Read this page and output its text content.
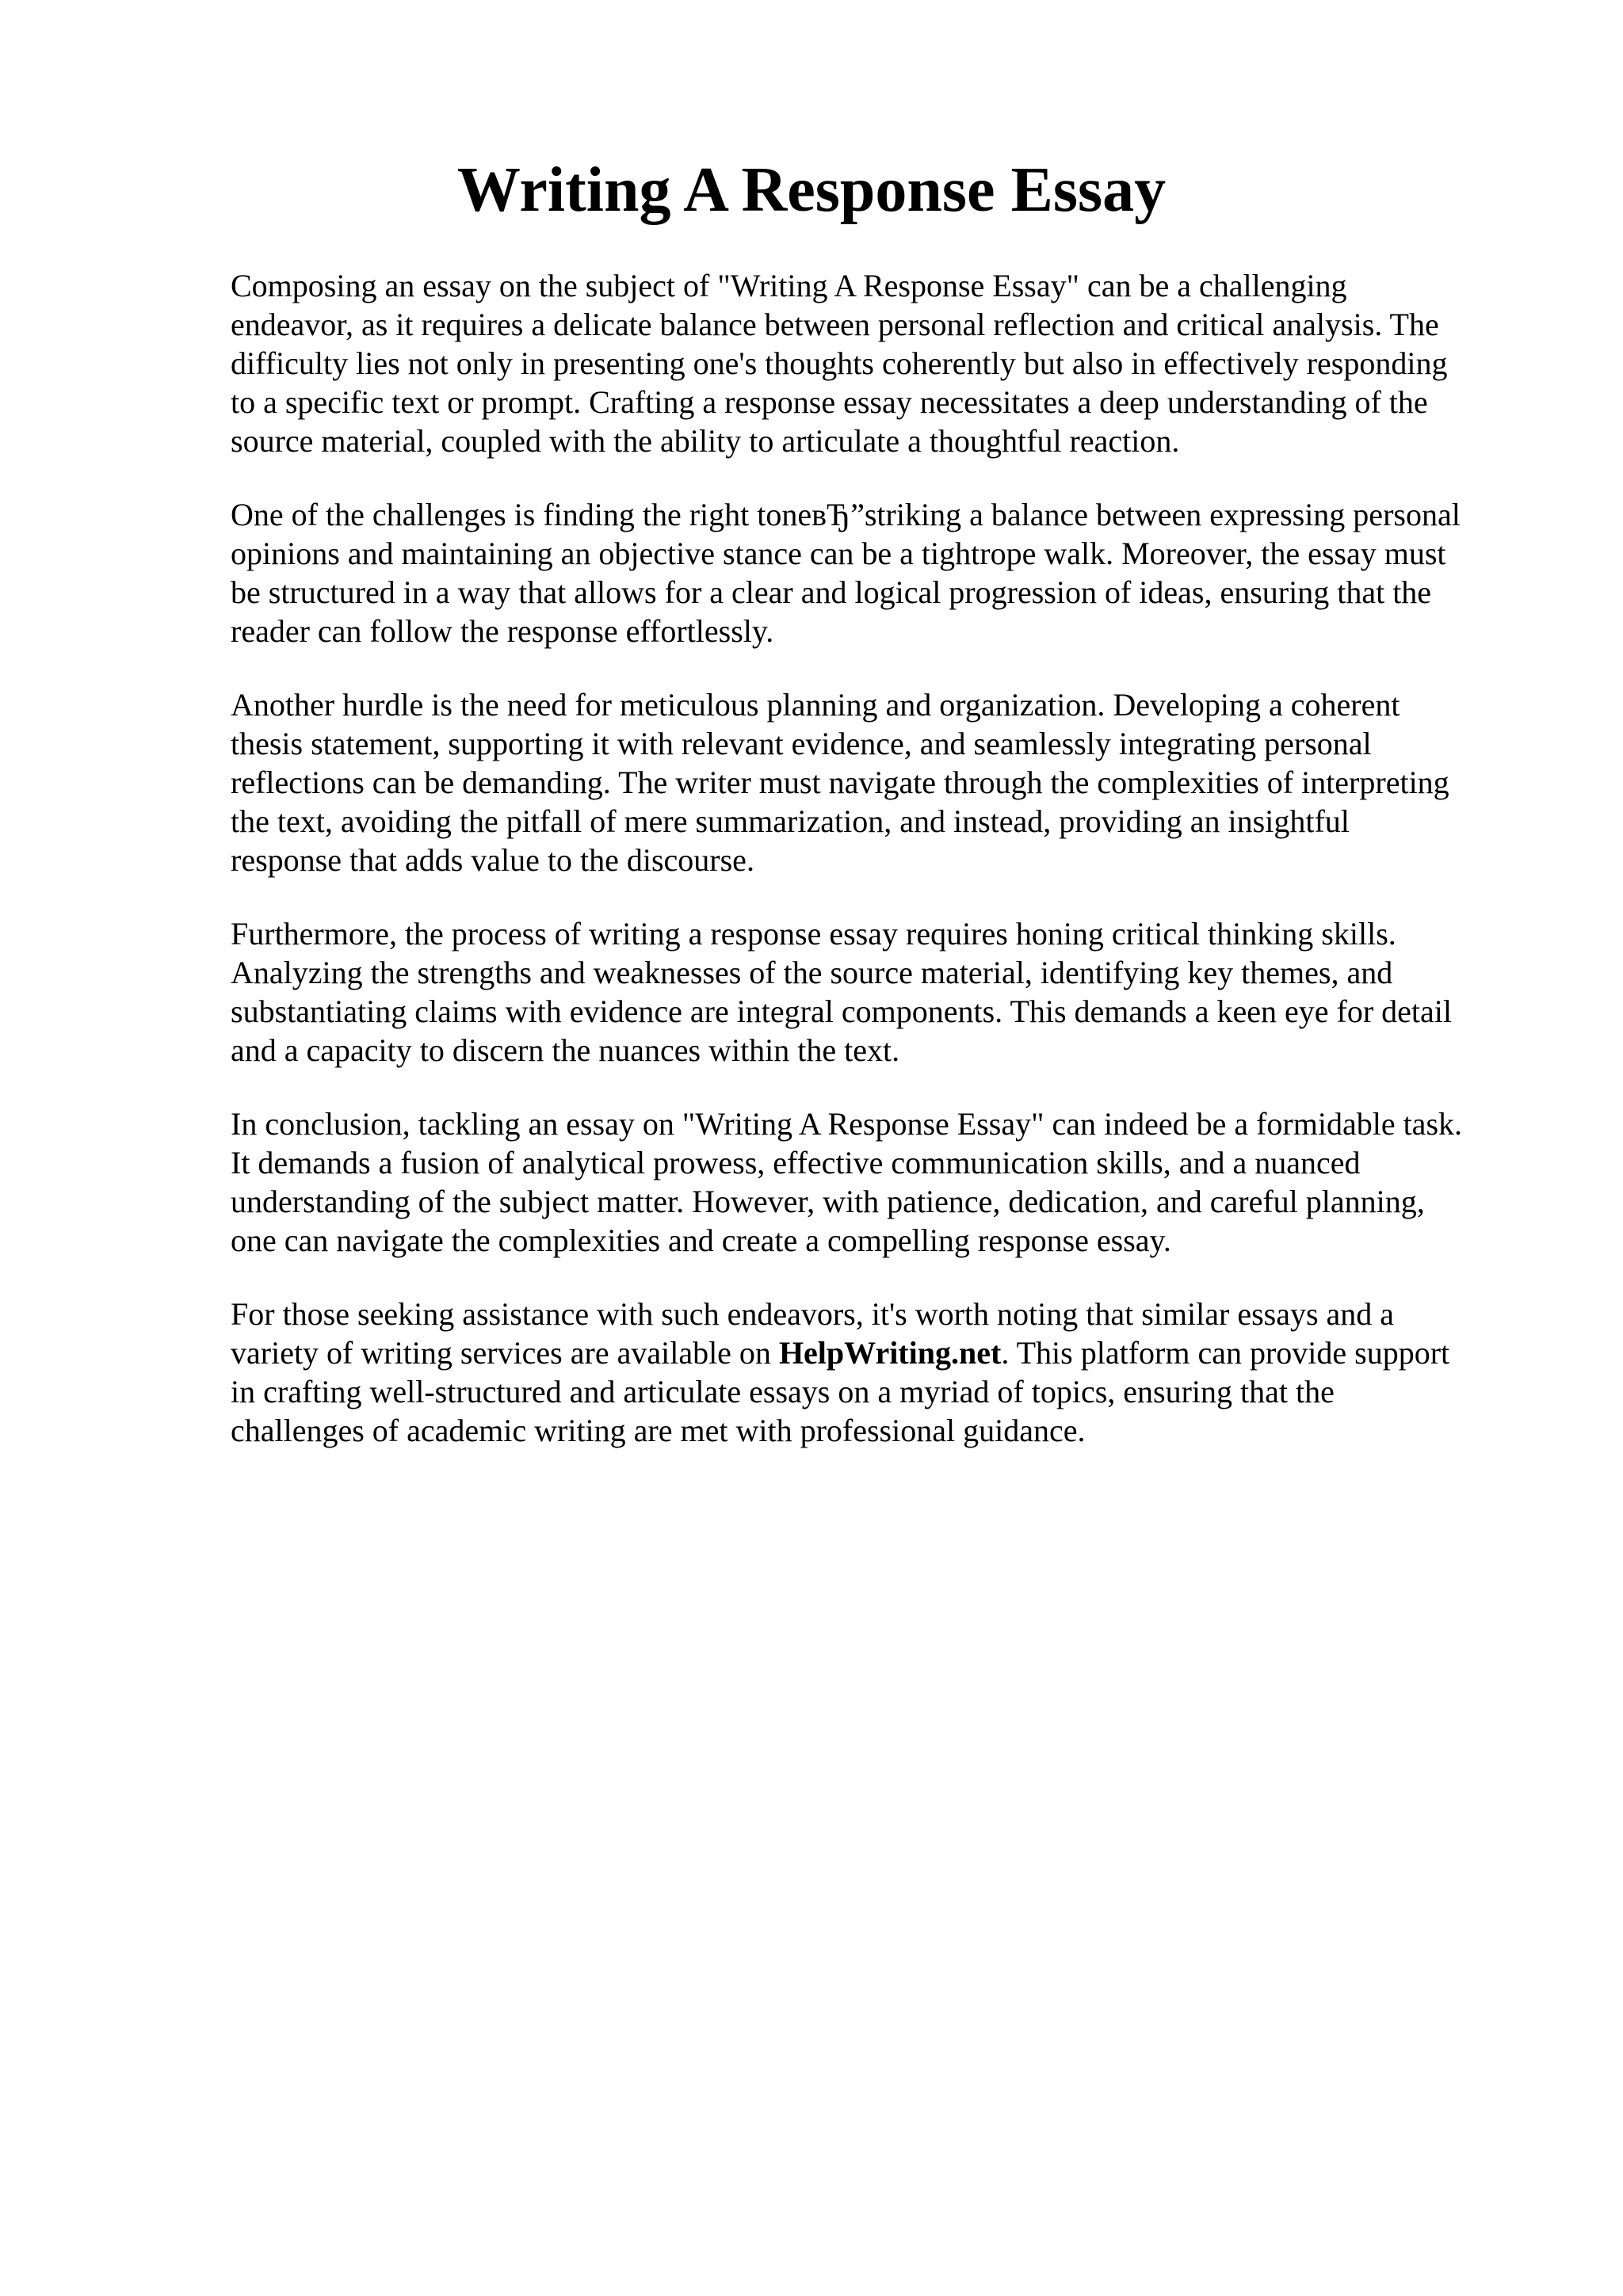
Writing A Response Essay

Composing an essay on the subject of "Writing A Response Essay" can be a challenging
endeavor, as it requires a delicate balance between personal reflection and critical analysis. The
difficulty lies not only in presenting one's thoughts coherently but also in effectively responding
to a specific text or prompt. Crafting a response essay necessitates a deep understanding of the
source material, coupled with the ability to articulate a thoughtful reaction.

One of the challenges is finding the right toneвЂ”striking a balance between expressing personal
opinions and maintaining an objective stance can be a tightrope walk. Moreover, the essay must
be structured in a way that allows for a clear and logical progression of ideas, ensuring that the
reader can follow the response effortlessly.

Another hurdle is the need for meticulous planning and organization. Developing a coherent
thesis statement, supporting it with relevant evidence, and seamlessly integrating personal
reflections can be demanding. The writer must navigate through the complexities of interpreting
the text, avoiding the pitfall of mere summarization, and instead, providing an insightful
response that adds value to the discourse.

Furthermore, the process of writing a response essay requires honing critical thinking skills.
Analyzing the strengths and weaknesses of the source material, identifying key themes, and
substantiating claims with evidence are integral components. This demands a keen eye for detail
and a capacity to discern the nuances within the text.

In conclusion, tackling an essay on "Writing A Response Essay" can indeed be a formidable task.
It demands a fusion of analytical prowess, effective communication skills, and a nuanced
understanding of the subject matter. However, with patience, dedication, and careful planning,
one can navigate the complexities and create a compelling response essay.

For those seeking assistance with such endeavors, it's worth noting that similar essays and a
variety of writing services are available on HelpWriting.net. This platform can provide support
in crafting well-structured and articulate essays on a myriad of topics, ensuring that the
challenges of academic writing are met with professional guidance.
